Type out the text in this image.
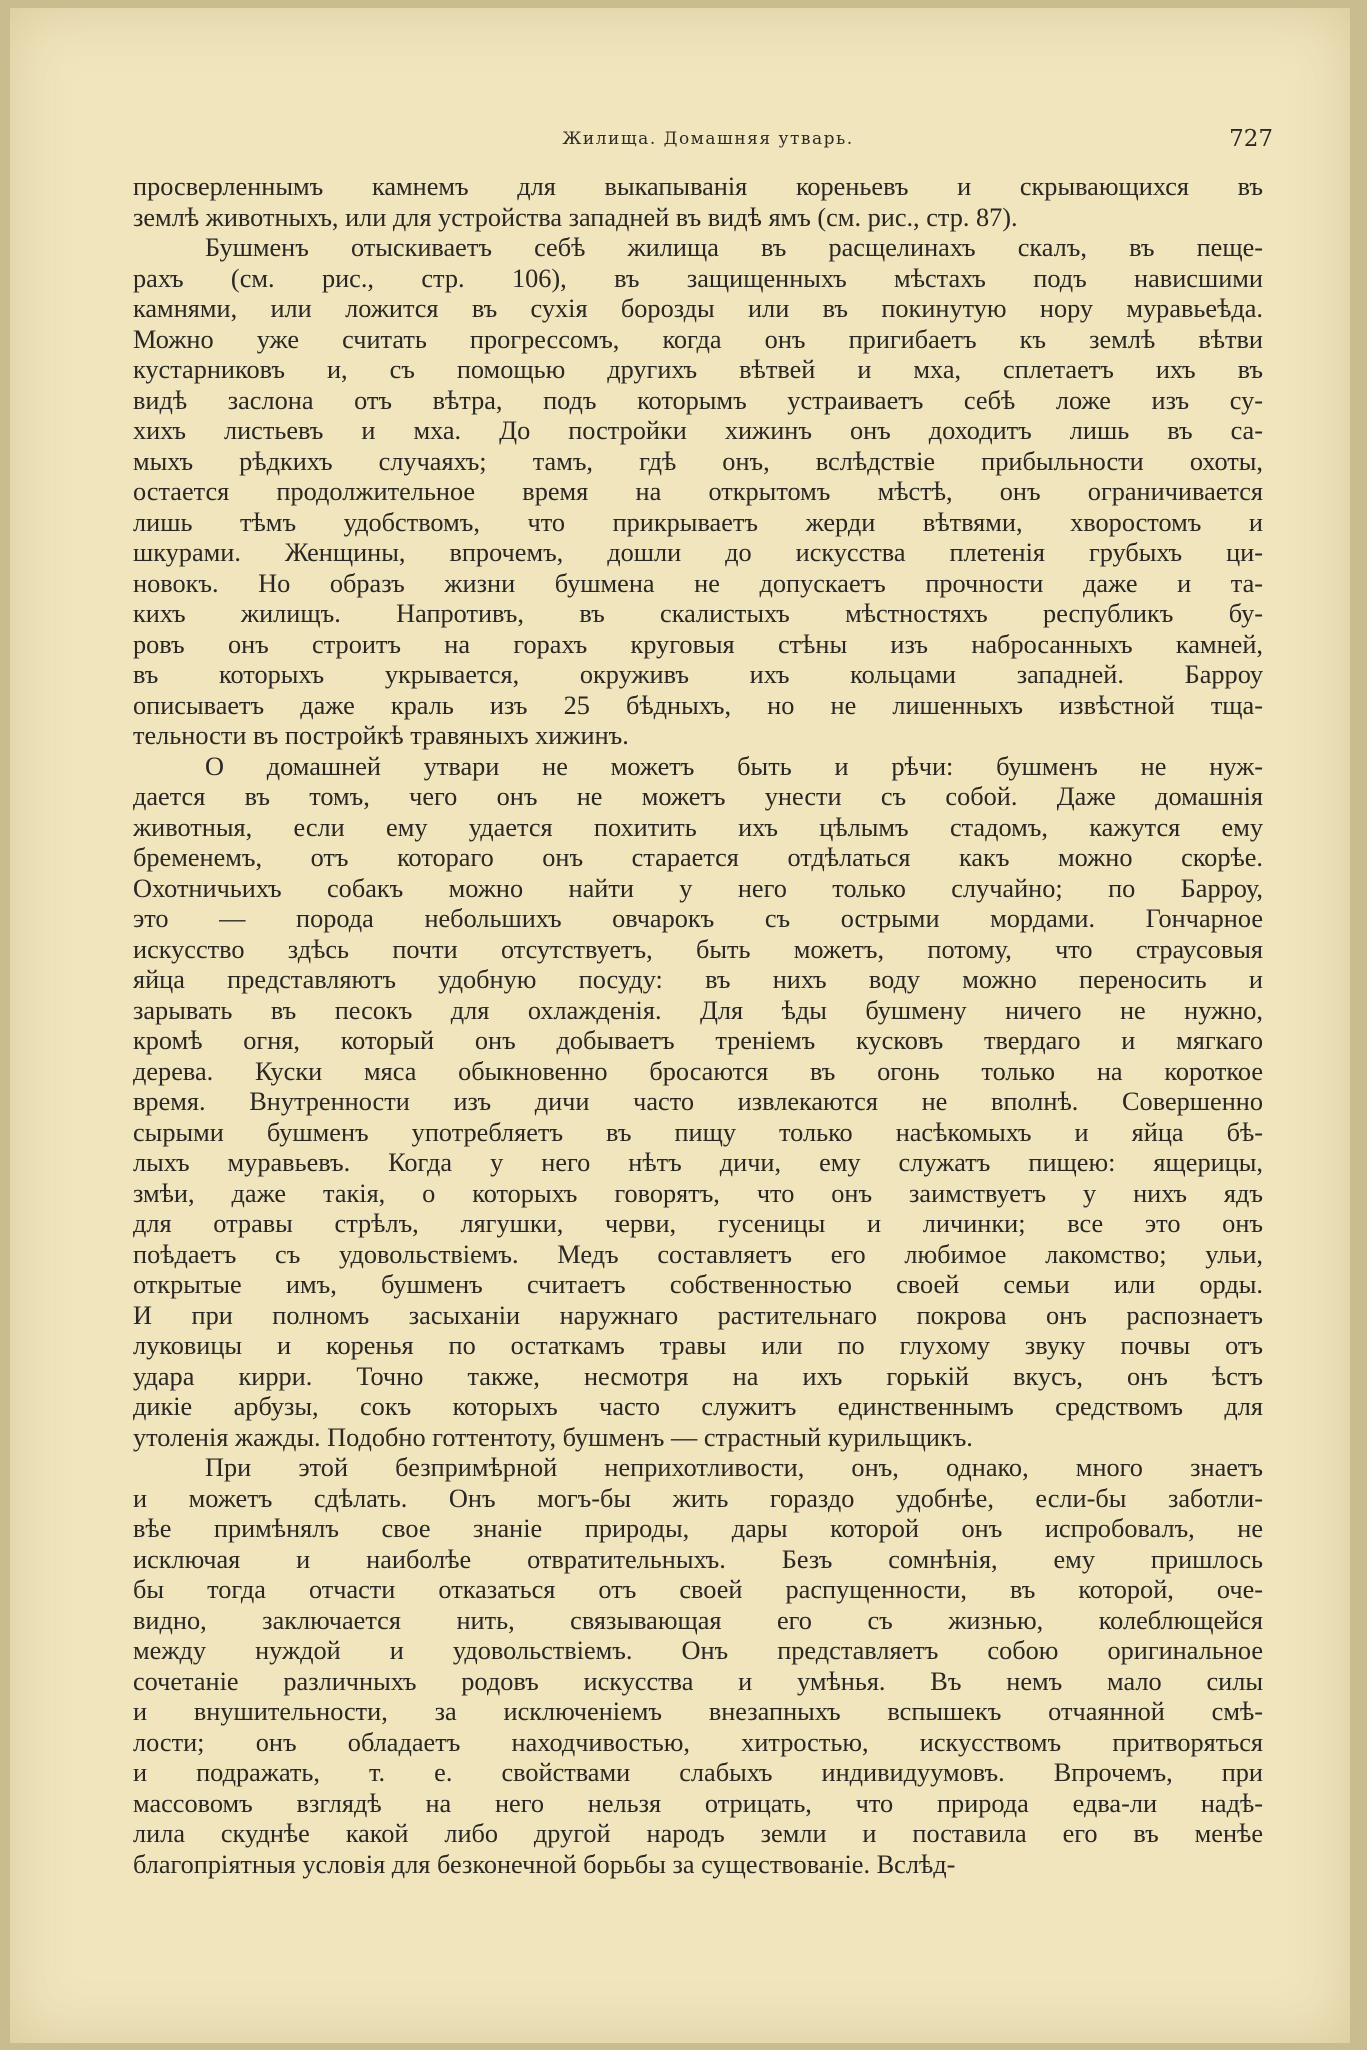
Жилища. Домашняя утварь.	727
просверленнымъ камнемъ для выкапыванія кореньевъ и скрывающихся въ
землѣ животныхъ, или для устройства западней въ видѣ ямъ (см. рис., стр. 87).
Бушменъ отыскиваетъ себѣ жилища въ расщелинахъ скалъ, въ пеще-
рахъ (см. рис., стр. 106), въ защищенныхъ мѣстахъ подъ нависшими
камнями, или ложится въ сухія борозды или въ покинутую нору муравьеѣда.
Можно уже считать прогрессомъ, когда онъ пригибаетъ къ землѣ вѣтви
кустарниковъ и, съ помощью другихъ вѣтвей и мха, сплетаетъ ихъ въ
видѣ заслона отъ вѣтра, подъ которымъ устраиваетъ себѣ ложе изъ су-
хихъ листьевъ и мха. До постройки хижинъ онъ доходитъ лишь въ са-
мыхъ рѣдкихъ случаяхъ; тамъ, гдѣ онъ, вслѣдствіе прибыльности охоты,
остается продолжительное время на открытомъ мѣстѣ, онъ ограничивается
лишь тѣмъ удобствомъ, что прикрываетъ жерди вѣтвями, хворостомъ и
шкурами. Женщины, впрочемъ, дошли до искусства плетенія грубыхъ ци-
новокъ. Но образъ жизни бушмена не допускаетъ прочности даже и та-
кихъ жилищъ. Напротивъ, въ скалистыхъ мѣстностяхъ республикъ бу-
ровъ онъ строитъ на горахъ круговыя стѣны изъ набросанныхъ камней,
въ которыхъ укрывается, окруживъ ихъ кольцами западней. Барроу
описываетъ даже краль изъ 25 бѣдныхъ, но не лишенныхъ извѣстной тща-
тельности въ постройкѣ травяныхъ хижинъ.
О домашней утвари не можетъ быть и рѣчи: бушменъ не нуж-
дается въ томъ, чего онъ не можетъ унести съ собой. Даже домашнія
животныя, если ему удается похитить ихъ цѣлымъ стадомъ, кажутся ему
бременемъ, отъ котораго онъ старается отдѣлаться какъ можно скорѣе.
Охотничьихъ собакъ можно найти у него только случайно; по Барроу,
это — порода небольшихъ овчарокъ съ острыми мордами. Гончарное
искусство здѣсь почти отсутствуетъ, быть можетъ, потому, что страусовыя
яйца представляютъ удобную посуду: въ нихъ воду можно переносить и
зарывать въ песокъ для охлажденія. Для ѣды бушмену ничего не нужно,
кромѣ огня, который онъ добываетъ треніемъ кусковъ твердаго и мягкаго
дерева. Куски мяса обыкновенно бросаются въ огонь только на короткое
время. Внутренности изъ дичи часто извлекаются не вполнѣ. Совершенно
сырыми бушменъ употребляетъ въ пищу только насѣкомыхъ и яйца бѣ-
лыхъ муравьевъ. Когда у него нѣтъ дичи, ему служатъ пищею: ящерицы,
змѣи, даже такія, о которыхъ говорятъ, что онъ заимствуетъ у нихъ ядъ
для отравы стрѣлъ, лягушки, черви, гусеницы и личинки; все это онъ
поѣдаетъ съ удовольствіемъ. Медъ составляетъ его любимое лакомство; ульи,
открытые имъ, бушменъ считаетъ собственностью своей семьи или орды.
И при полномъ засыханіи наружнаго растительнаго покрова онъ распознаетъ
луковицы и коренья по остаткамъ травы или по глухому звуку почвы отъ
удара кирри. Точно также, несмотря на ихъ горькій вкусъ, онъ ѣстъ
дикіе арбузы, сокъ которыхъ часто служитъ единственнымъ средствомъ для
утоленія жажды. Подобно готтентоту, бушменъ — страстный курильщикъ.
При этой безпримѣрной неприхотливости, онъ, однако, много знаетъ
и можетъ сдѣлать. Онъ могъ-бы жить гораздо удобнѣе, если-бы заботли-
вѣе примѣнялъ свое знаніе природы, дары которой онъ испробовалъ, не
исключая и наиболѣе отвратительныхъ. Безъ сомнѣнія, ему пришлось
бы тогда отчасти отказаться отъ своей распущенности, въ которой, оче-
видно, заключается нить, связывающая его съ жизнью, колеблющейся
между нуждой и удовольствіемъ. Онъ представляетъ собою оригинальное
сочетаніе различныхъ родовъ искусства и умѣнья. Въ немъ мало силы
и внушительности, за исключеніемъ внезапныхъ вспышекъ отчаянной смѣ-
лости; онъ обладаетъ находчивостью, хитростью, искусствомъ притворяться
и подражать, т. е. свойствами слабыхъ индивидуумовъ. Впрочемъ, при
массовомъ взглядѣ на него нельзя отрицать, что природа едва-ли надѣ-
лила скуднѣе какой либо другой народъ земли и поставила его въ менѣе
благопріятныя условія для безконечной борьбы за существованіе. Вслѣд-
